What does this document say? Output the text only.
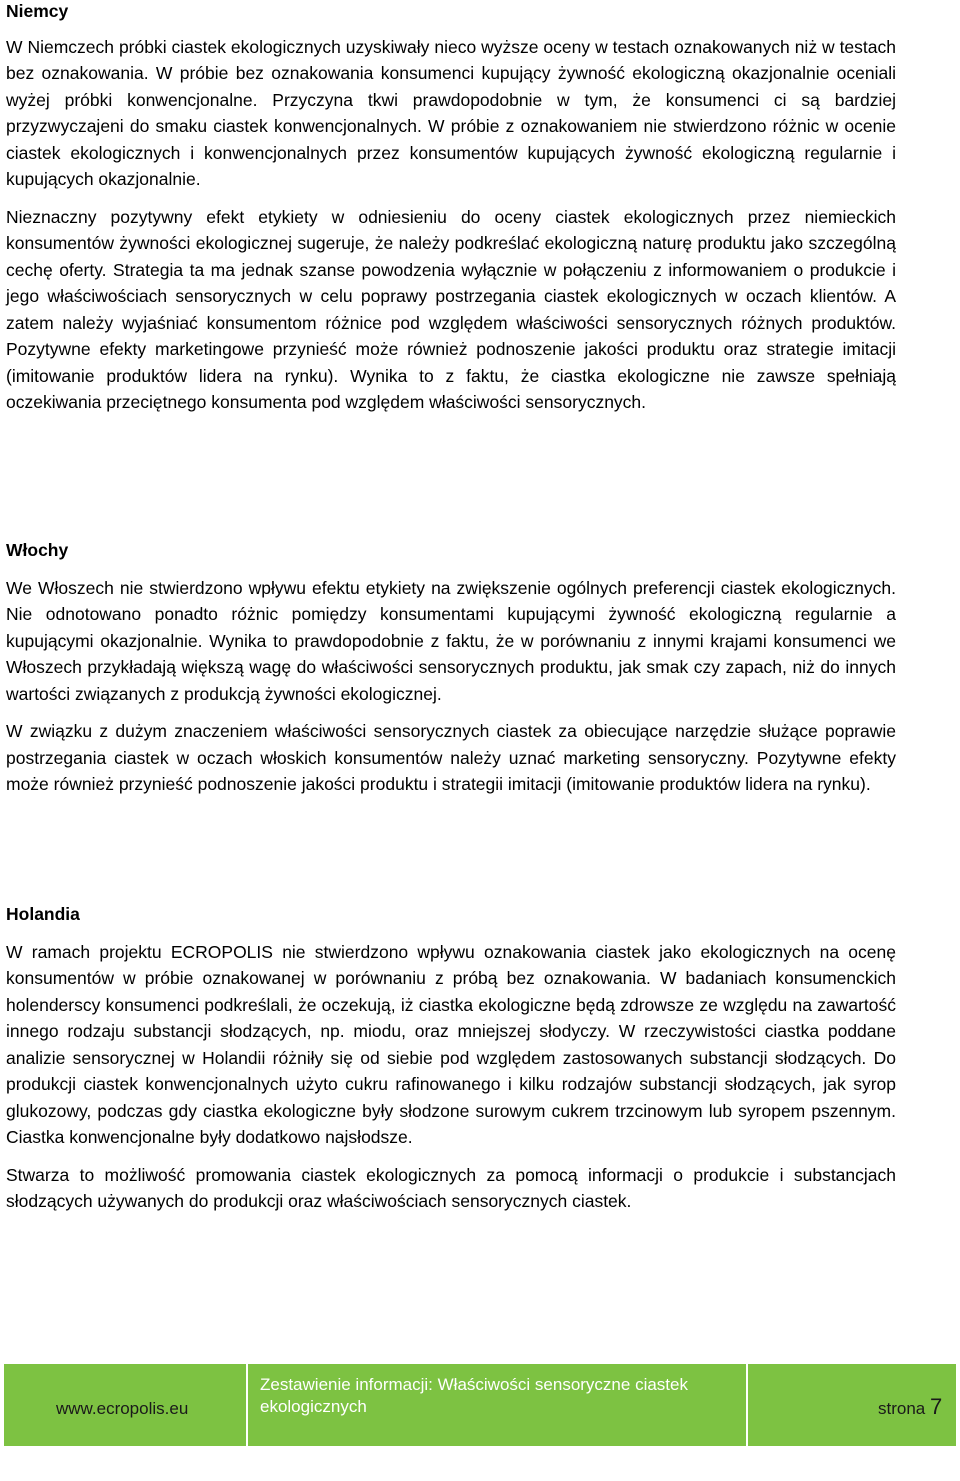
Niemcy

W Niemczech próbki ciastek ekologicznych uzyskiwały nieco wyższe oceny w testach oznakowanych niż w testach bez oznakowania. W próbie bez oznakowania konsumenci kupujący żywność ekologiczną okazjonalnie oceniali wyżej próbki konwencjonalne. Przyczyna tkwi prawdopodobnie w tym, że konsumenci ci są bardziej przyzwyczajeni do smaku ciastek konwencjonalnych. W próbie z oznakowaniem nie stwierdzono różnic w ocenie ciastek ekologicznych i konwencjonalnych przez konsumentów kupujących żywność ekologiczną regularnie i kupujących okazjonalnie.

Nieznaczny pozytywny efekt etykiety w odniesieniu do oceny ciastek ekologicznych przez niemieckich konsumentów żywności ekologicznej sugeruje, że należy podkreślać ekologiczną naturę produktu jako szczególną cechę oferty. Strategia ta ma jednak szanse powodzenia wyłącznie w połączeniu z informowaniem o produkcie i jego właściwościach sensorycznych w celu poprawy postrzegania ciastek ekologicznych w oczach klientów. A zatem należy wyjaśniać konsumentom różnice pod względem właściwości sensorycznych różnych produktów. Pozytywne efekty marketingowe przynieść może również podnoszenie jakości produktu oraz strategie imitacji (imitowanie produktów lidera na rynku). Wynika to z faktu, że ciastka ekologiczne nie zawsze spełniają oczekiwania przeciętnego konsumenta pod względem właściwości sensorycznych.

Włochy

We Włoszech nie stwierdzono wpływu efektu etykiety na zwiększenie ogólnych preferencji ciastek ekologicznych. Nie odnotowano ponadto różnic pomiędzy konsumentami kupującymi żywność ekologiczną regularnie a kupującymi okazjonalnie. Wynika to prawdopodobnie z faktu, że w porównaniu z innymi krajami konsumenci we Włoszech przykładają większą wagę do właściwości sensorycznych produktu, jak smak czy zapach, niż do innych wartości związanych z produkcją żywności ekologicznej.

W związku z dużym znaczeniem właściwości sensorycznych ciastek za obiecujące narzędzie służące poprawie postrzegania ciastek w oczach włoskich konsumentów należy uznać marketing sensoryczny. Pozytywne efekty może również przynieść podnoszenie jakości produktu i strategii imitacji (imitowanie produktów lidera na rynku).

Holandia

W ramach projektu ECROPOLIS nie stwierdzono wpływu oznakowania ciastek jako ekologicznych na ocenę konsumentów w próbie oznakowanej w porównaniu z próbą bez oznakowania. W badaniach konsumenckich holenderscy konsumenci podkreślali, że oczekują, iż ciastka ekologiczne będą zdrowsze ze względu na zawartość innego rodzaju substancji słodzących, np. miodu, oraz mniejszej słodyczy. W rzeczywistości ciastka poddane analizie sensorycznej w Holandii różniły się od siebie pod względem zastosowanych substancji słodzących. Do produkcji ciastek konwencjonalnych użyto cukru rafinowanego i kilku rodzajów substancji słodzących, jak syrop glukozowy, podczas gdy ciastka ekologiczne były słodzone surowym cukrem trzcinowym lub syropem pszennym. Ciastka konwencjonalne były dodatkowo najsłodsze.

Stwarza to możliwość promowania ciastek ekologicznych za pomocą informacji o produkcie i substancjach słodzących używanych do produkcji oraz właściwościach sensorycznych ciastek.

www.ecropolis.eu
Zestawienie informacji: Właściwości sensoryczne ciastek ekologicznych	strona 7
